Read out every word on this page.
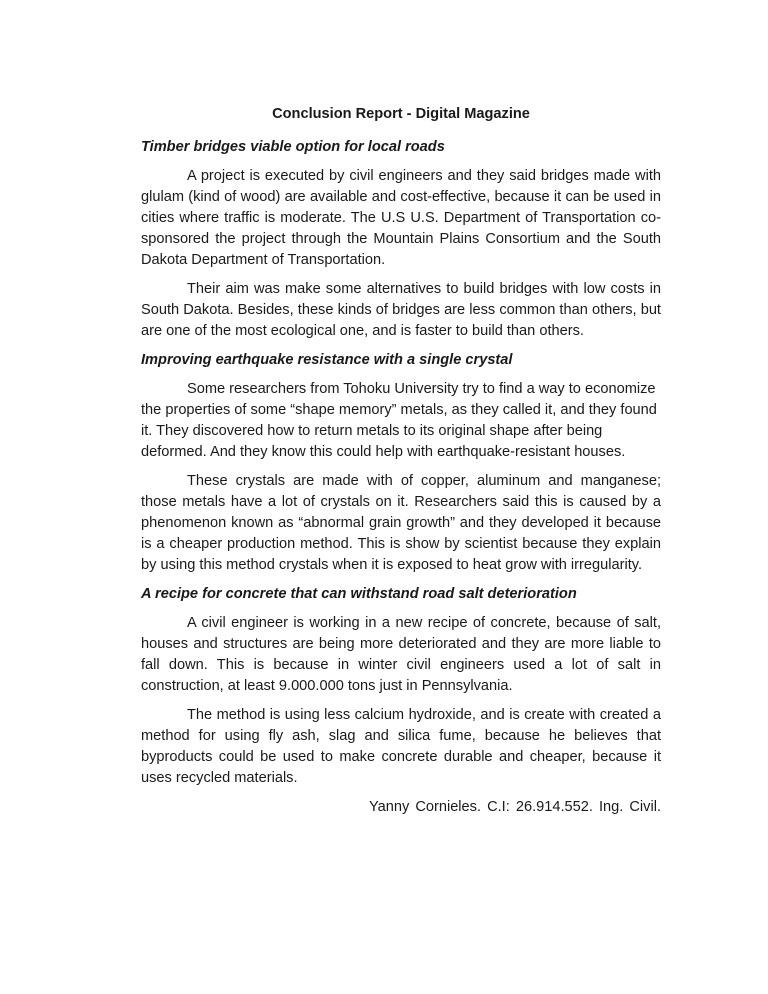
Conclusion Report - Digital Magazine

Timber bridges viable option for local roads

A project is executed by civil engineers and they said bridges made with glulam (kind of wood) are available and cost-effective, because it can be used in cities where traffic is moderate. The U.S U.S. Department of Transportation co-sponsored the project through the Mountain Plains Consortium and the South Dakota Department of Transportation.

Their aim was make some alternatives to build bridges with low costs in South Dakota. Besides, these kinds of bridges are less common than others, but are one of the most ecological one, and is faster to build than others.

Improving earthquake resistance with a single crystal

Some researchers from Tohoku University try to find a way to economize the properties of some “shape memory” metals, as they called it, and they found it. They discovered how to return metals to its original shape after being deformed. And they know this could help with earthquake-resistant houses.

These crystals are made with of copper, aluminum and manganese; those metals have a lot of crystals on it. Researchers said this is caused by a phenomenon known as “abnormal grain growth” and they developed it because is a cheaper production method. This is show by scientist because they explain by using this method crystals when it is exposed to heat grow with irregularity.

A recipe for concrete that can withstand road salt deterioration

A civil engineer is working in a new recipe of concrete, because of salt, houses and structures are being more deteriorated and they are more liable to fall down. This is because in winter civil engineers used a lot of salt in construction, at least 9.000.000 tons just in Pennsylvania.

The method is using less calcium hydroxide, and is create with created a method for using fly ash, slag and silica fume, because he believes that byproducts could be used to make concrete durable and cheaper, because it uses recycled materials.

Yanny Cornieles. C.I: 26.914.552. Ing. Civil.
